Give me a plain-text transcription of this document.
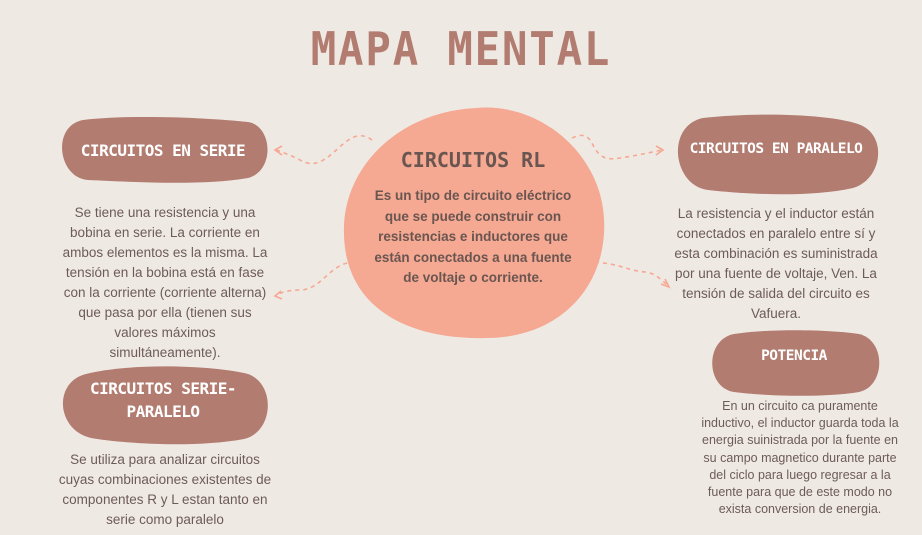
MAPA MENTAL
CIRCUITOS RL
Es un tipo de circuito eléctrico que se puede construir con resistencias e inductores que están conectados a una fuente de voltaje o corriente.
CIRCUITOS EN SERIE
Se tiene una resistencia y una bobina en serie. La corriente en ambos elementos es la misma. La tensión en la bobina está en fase con la corriente (corriente alterna) que pasa por ella (tienen sus valores máximos simultáneamente).
CIRCUITOS EN PARALELO
La resistencia y el inductor están conectados en paralelo entre sí y esta combinación es suministrada por una fuente de voltaje, Ven. La tensión de salida del circuito es Vafuera.
CIRCUITOS SERIE-
PARALELO
Se utiliza para analizar circuitos cuyas combinaciones existentes de componentes R y L estan tanto en serie como paralelo
POTENCIA
En un circuito ca puramente inductivo, el inductor guarda toda la energia suinistrada por la fuente en su campo magnetico durante parte del ciclo para luego regresar a la fuente para que de este modo no exista conversion de energia.
